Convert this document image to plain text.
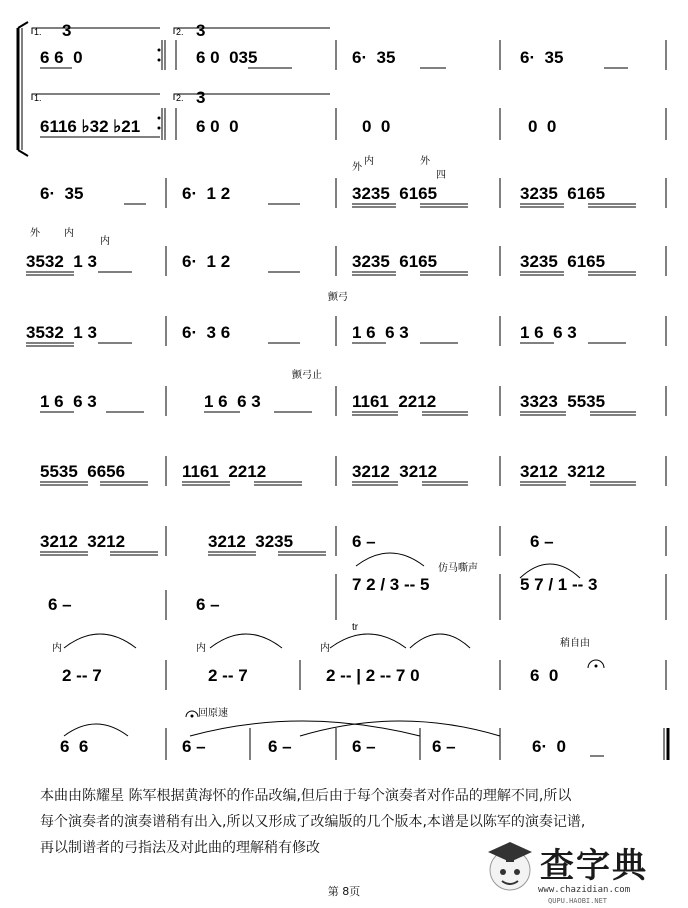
1.	2.
1.	2.
3	3
3
6 6  0	6 0  035	6·  35	6·  35
6116 ♭32 ♭21	6 0  0	0  0	0  0
6·  35	6·  1 2	3235  6165	3235  6165
外
内	外
四
3532  1 3	6·  1 2	3235  6165	3235  6165
外 内
内
3532  1 3	6·  3 6	1 6  6 3	1 6  6 3
颤弓
1 6  6 3	1 6  6 3	1161  2212	3323  5535
颤弓止
5535  6656	1161  2212	3212  3212	3212  3212
3212  3212	3212  3235	6 –	6 –
6 –	6 –
7 2 / 3 -- 5	5 7 / 1 -- 3
仿马嘶声
tr
2 -- 7	2 -- 7	2 -- | 2 -- 7 0	6  0
稍自由
内	内	内
6  6	6 –	6 –	6 –	6 –	6·  0
回原速
本曲由陈耀星 陈军根据黄海怀的作品改编,但后由于每个演奏者对作品的理解不同,所以
每个演奏者的演奏谱稍有出入,所以又形成了改编版的几个版本,本谱是以陈军的演奏记谱,
再以制谱者的弓指法及对此曲的理解稍有修改
第 8页
查字典
www.chazidian.com
QUPU.HAOBI.NET
